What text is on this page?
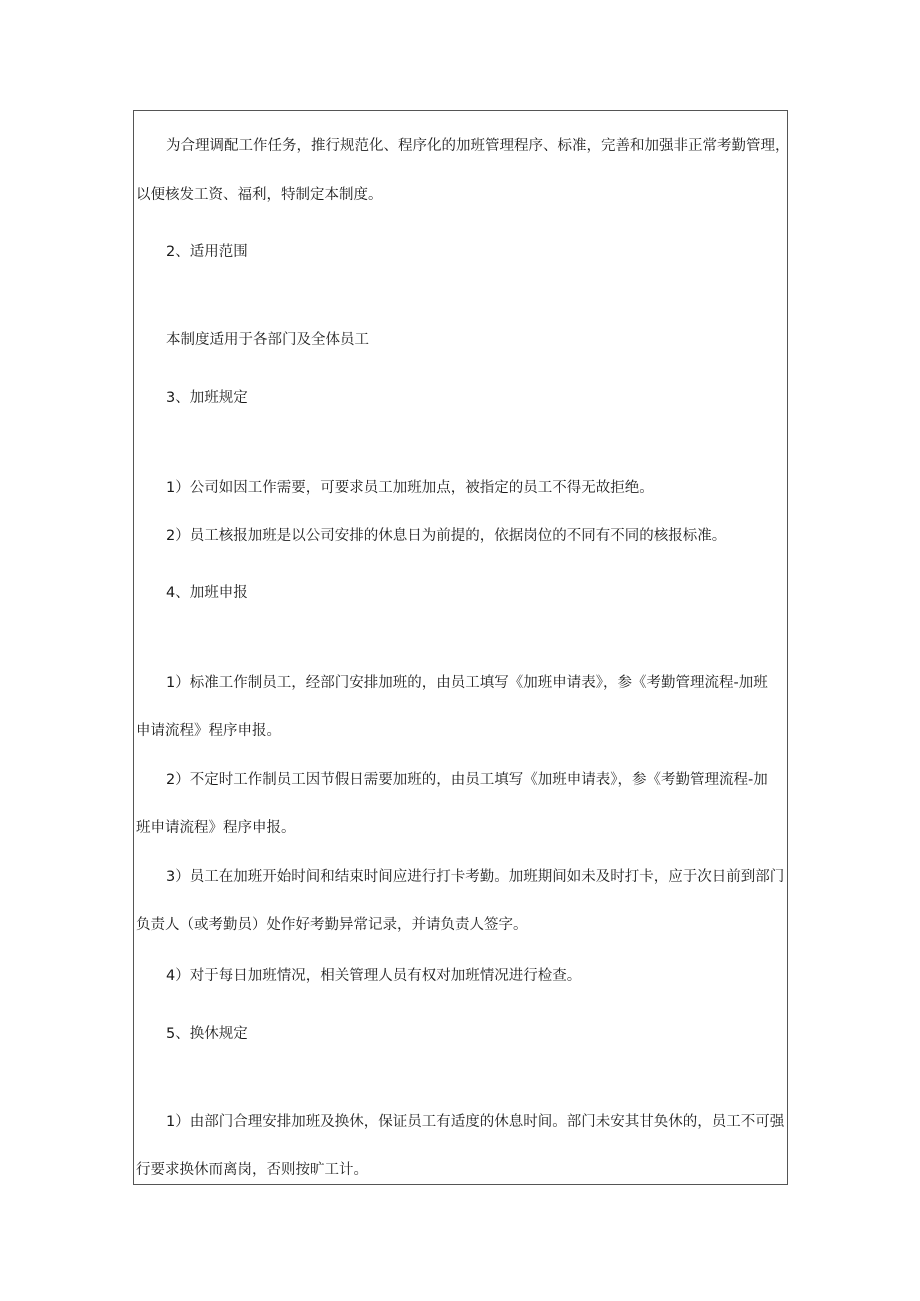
为合理调配工作任务，推行规范化、程序化的加班管理程序、标准，完善和加强非正常考勤管理，
以便核发工资、福利，特制定本制度。
2、适用范围
本制度适用于各部门及全体员工
3、加班规定
1）公司如因工作需要，可要求员工加班加点，被指定的员工不得无故拒绝。
2）员工核报加班是以公司安排的休息日为前提的，依据岗位的不同有不同的核报标准。
4、加班申报
1）标准工作制员工，经部门安排加班的，由员工填写《加班申请表》，参《考勤管理流程-加班
申请流程》程序申报。
2）不定时工作制员工因节假日需要加班的，由员工填写《加班申请表》，参《考勤管理流程-加
班申请流程》程序申报。
3）员工在加班开始时间和结束时间应进行打卡考勤。加班期间如未及时打卡，应于次日前到部门
负责人（或考勤员）处作好考勤异常记录，并请负责人签字。
4）对于每日加班情况，相关管理人员有权对加班情况进行检查。
5、换休规定
1）由部门合理安排加班及换休，保证员工有适度的休息时间。部门未安其甘奂休的，员工不可强
行要求换休而离岗，否则按旷工计。
